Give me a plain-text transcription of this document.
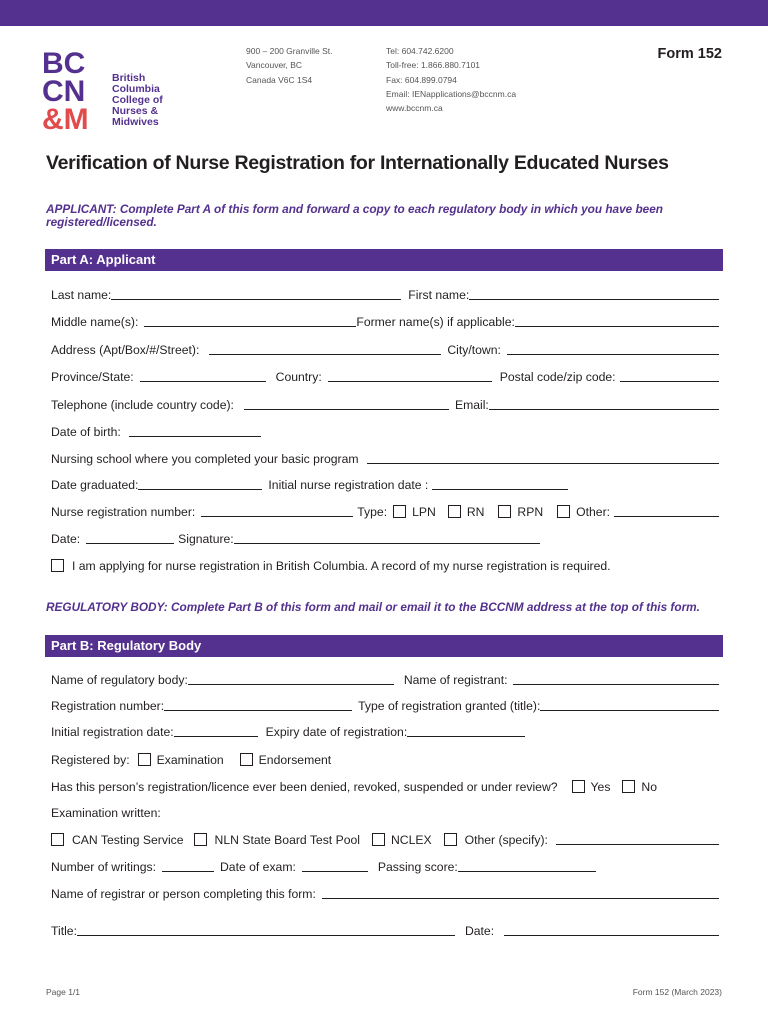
BC
CN
&M
British
Columbia
College of
Nurses &
Midwives
900 – 200 Granville St.
Vancouver, BC
Canada V6C 1S4
Tel: 604.742.6200
Toll-free: 1.866.880.7101
Fax: 604.899.0794
Email: IENapplications@bccnm.ca
www.bccnm.ca
Form 152
Verification of Nurse Registration for Internationally Educated Nurses
APPLICANT: Complete Part A of this form and forward a copy to each regulatory body in which you have been registered/licensed.
Part A: Applicant
Last name:	First name:
Middle name(s):	Former name(s) if applicable:
Address (Apt/Box/#/Street):	City/town:
Province/State:	Country:	Postal code/zip code:
Telephone (include country code):	Email:
Date of birth:
Nursing school where you completed your basic program
Date graduated:	Initial nurse registration date :
Nurse registration number:	Type: LPN	RN	RPN	Other:
Date:	Signature:
I am applying for nurse registration in British Columbia. A record of my nurse registration is required.
REGULATORY BODY: Complete Part B of this form and mail or email it to the BCCNM address at the top of this form.
Part B: Regulatory Body
Name of regulatory body:	Name of registrant:
Registration number:	Type of registration granted (title):
Initial registration date:	Expiry date of registration:
Registered by: Examination	Endorsement
Has this person’s registration/licence ever been denied, revoked, suspended or under review?	Yes	No
Examination written:
CAN Testing Service	NLN State Board Test Pool	NCLEX	Other (specify):
Number of writings:	Date of exam:	Passing score:
Name of registrar or person completing this form:
Title:	Date:
Page 1/1	Form 152 (March 2023)
